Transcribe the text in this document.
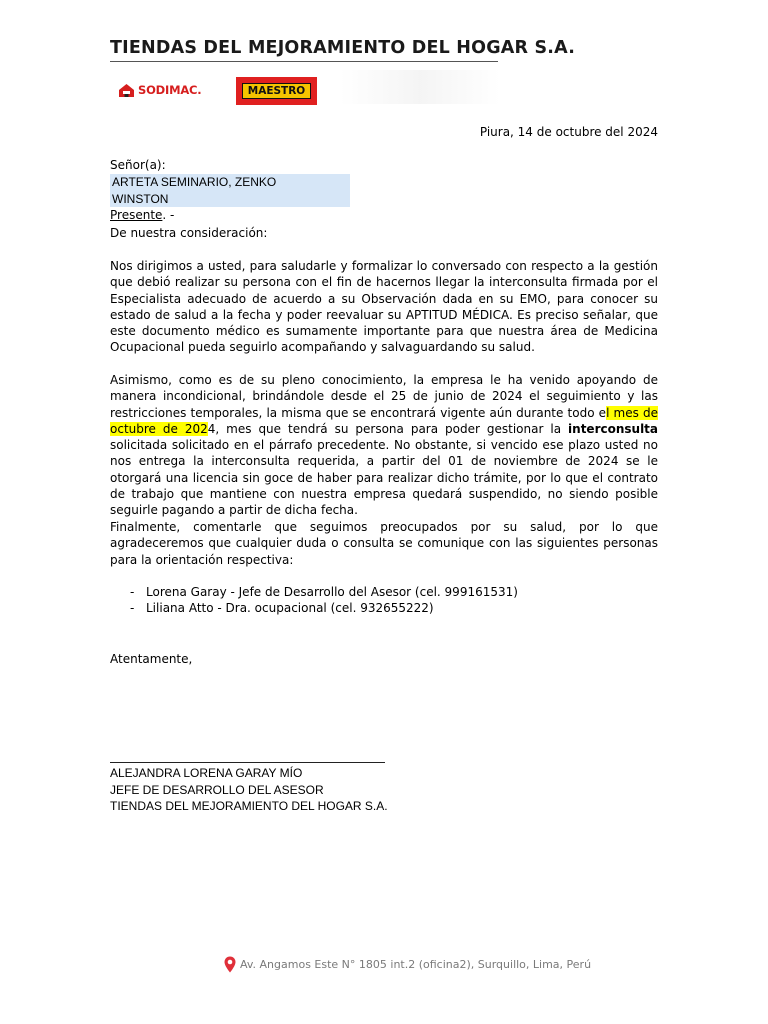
TIENDAS DEL MEJORAMIENTO DEL HOGAR S.A.
SODIMAC.	MAESTRO
Piura, 14 de octubre del 2024
Señor(a):
ARTETA SEMINARIO, ZENKO WINSTON
Presente. -
De nuestra consideración:

Nos dirigimos a usted, para saludarle y formalizar lo conversado con respecto a la gestión que debió realizar su persona con el fin de hacernos llegar la interconsulta firmada por el Especialista adecuado de acuerdo a su Observación dada en su EMO, para conocer su estado de salud a la fecha y poder reevaluar su APTITUD MÉDICA. Es preciso señalar, que este documento médico es sumamente importante para que nuestra área de Medicina Ocupacional pueda seguirlo acompañando y salvaguardando su salud.

Asimismo, como es de su pleno conocimiento, la empresa le ha venido apoyando de manera incondicional, brindándole desde el 25 de junio de 2024 el seguimiento y las restricciones temporales, la misma que se encontrará vigente aún durante todo el mes de octubre de 2024, mes que tendrá su persona para poder gestionar la interconsulta solicitada solicitado en el párrafo precedente. No obstante, si vencido ese plazo usted no nos entrega la interconsulta requerida, a partir del 01 de noviembre de 2024 se le otorgará una licencia sin goce de haber para realizar dicho trámite, por lo que el contrato de trabajo que mantiene con nuestra empresa quedará suspendido, no siendo posible seguirle pagando a partir de dicha fecha.

Finalmente, comentarle que seguimos preocupados por su salud, por lo que agradeceremos que cualquier duda o consulta se comunique con las siguientes personas para la orientación respectiva:

- Lorena Garay - Jefe de Desarrollo del Asesor (cel. 999161531)
- Liliana Atto - Dra. ocupacional (cel. 932655222)
Atentamente,
ALEJANDRA LORENA GARAY MÍO
JEFE DE DESARROLLO DEL ASESOR
TIENDAS DEL MEJORAMIENTO DEL HOGAR S.A.
Av. Angamos Este N° 1805 int.2 (oficina2), Surquillo, Lima, Perú
